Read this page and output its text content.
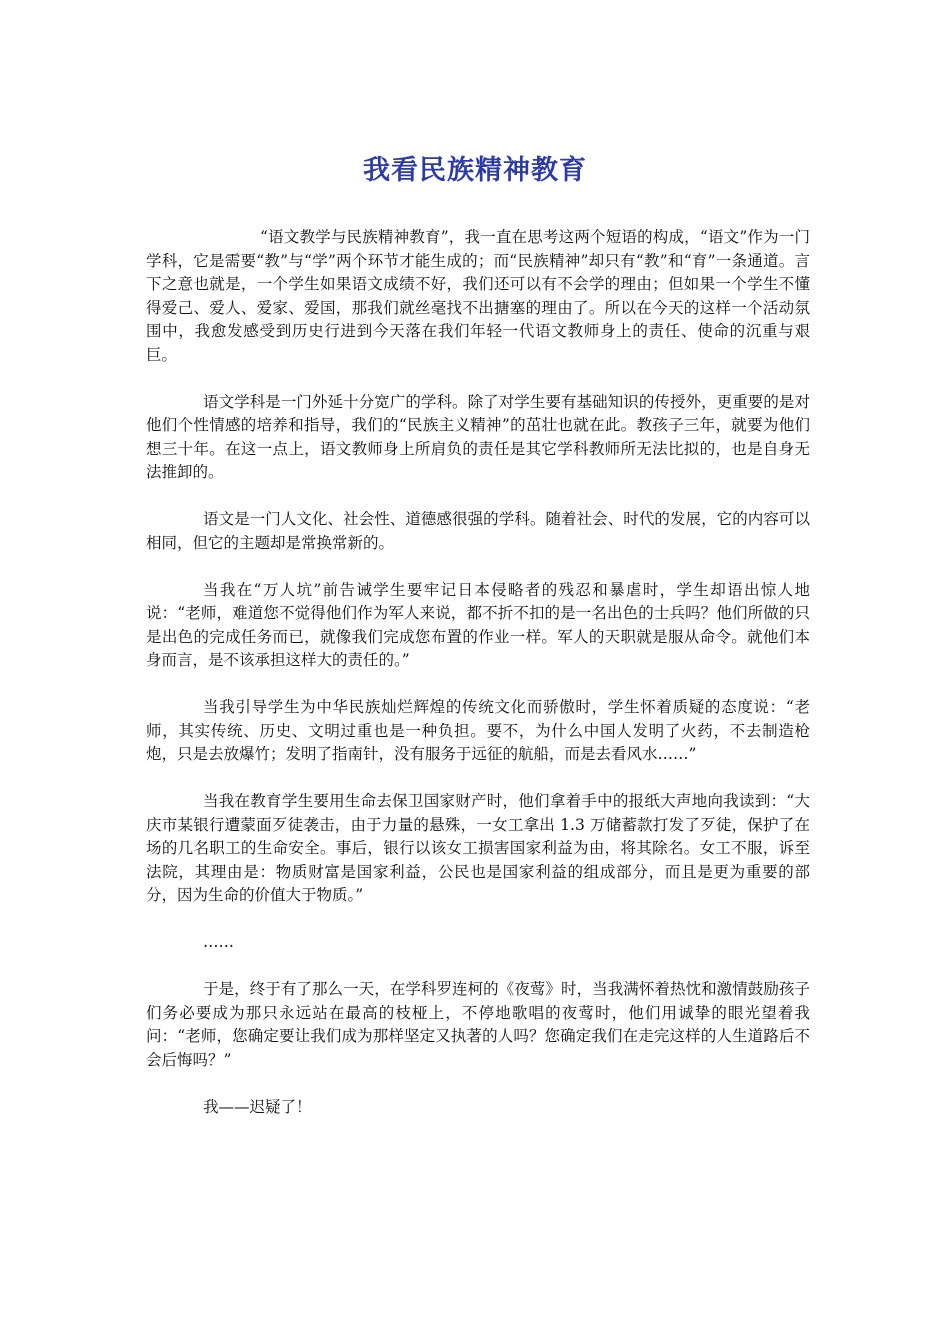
我看民族精神教育

“语文教学与民族精神教育”，我一直在思考这两个短语的构成，“语文”作为一门学科，它是需要“教”与“学”两个环节才能生成的；而“民族精神”却只有“教”和“育”一条通道。言下之意也就是，一个学生如果语文成绩不好，我们还可以有不会学的理由；但如果一个学生不懂得爱己、爱人、爱家、爱国，那我们就丝毫找不出搪塞的理由了。所以在今天的这样一个活动氛围中，我愈发感受到历史行进到今天落在我们年轻一代语文教师身上的责任、使命的沉重与艰巨。

语文学科是一门外延十分宽广的学科。除了对学生要有基础知识的传授外，更重要的是对他们个性情感的培养和指导，我们的“民族主义精神”的茁壮也就在此。教孩子三年，就要为他们想三十年。在这一点上，语文教师身上所肩负的责任是其它学科教师所无法比拟的，也是自身无法推卸的。

语文是一门人文化、社会性、道德感很强的学科。随着社会、时代的发展，它的内容可以相同，但它的主题却是常换常新的。

当我在“万人坑”前告诫学生要牢记日本侵略者的残忍和暴虐时，学生却语出惊人地说：“老师，难道您不觉得他们作为军人来说，都不折不扣的是一名出色的士兵吗？他们所做的只是出色的完成任务而已，就像我们完成您布置的作业一样。军人的天职就是服从命令。就他们本身而言，是不该承担这样大的责任的。”

当我引导学生为中华民族灿烂辉煌的传统文化而骄傲时，学生怀着质疑的态度说：“老师，其实传统、历史、文明过重也是一种负担。要不，为什么中国人发明了火药，不去制造枪炮，只是去放爆竹；发明了指南针，没有服务于远征的航船，而是去看风水……”

当我在教育学生要用生命去保卫国家财产时，他们拿着手中的报纸大声地向我读到：“大庆市某银行遭蒙面歹徒袭击，由于力量的悬殊，一女工拿出 1.3 万储蓄款打发了歹徒，保护了在场的几名职工的生命安全。事后，银行以该女工损害国家利益为由，将其除名。女工不服，诉至法院，其理由是：物质财富是国家利益，公民也是国家利益的组成部分，而且是更为重要的部分，因为生命的价值大于物质。”

……

于是，终于有了那么一天，在学科罗连柯的《夜莺》时，当我满怀着热忱和激情鼓励孩子们务必要成为那只永远站在最高的枝桠上，不停地歌唱的夜莺时，他们用诚挚的眼光望着我问：“老师，您确定要让我们成为那样坚定又执著的人吗？您确定我们在走完这样的人生道路后不会后悔吗？”

我——迟疑了！
